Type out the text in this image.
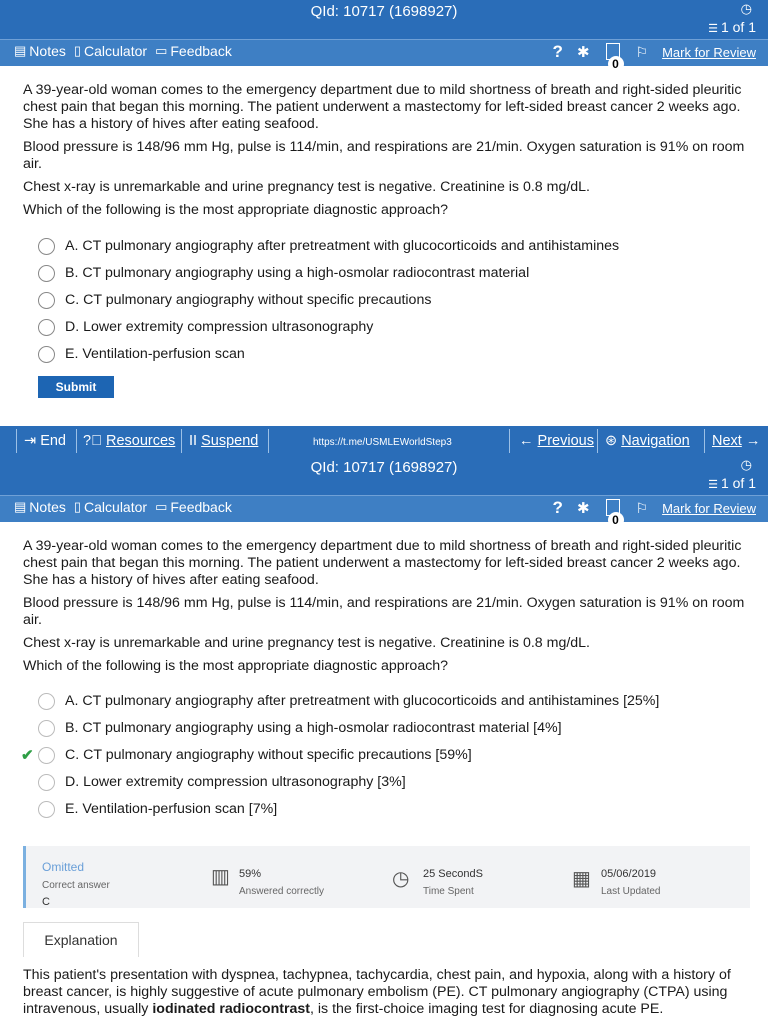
QId: 10717 (1698927)	◷
☰ 1 of 1
▤ Notes ▯ Calculator ▭ Feedback	? ✱
0
⚐ Mark for Review

A 39-year-old woman comes to the emergency department due to mild shortness of breath and right-sided pleuritic chest pain that began this morning. The patient underwent a mastectomy for left-sided breast cancer 2 weeks ago. She has a history of hives after eating seafood.

Blood pressure is 148/96 mm Hg, pulse is 114/min, and respirations are 21/min. Oxygen saturation is 91% on room air.

Chest x-ray is unremarkable and urine pregnancy test is negative. Creatinine is 0.8 mg/dL.

Which of the following is the most appropriate diagnostic approach?

A. CT pulmonary angiography after pretreatment with glucocorticoids and antihistamines
B. CT pulmonary angiography using a high-osmolar radiocontrast material
C. CT pulmonary angiography without specific precautions
D. Lower extremity compression ultrasonography
E. Ventilation-perfusion scan
Submit
⇥ End ?⃝ Resources II Suspend	https://t.me/USMLEWorldStep3	← Previous ⊛ Navigation Next →
QId: 10717 (1698927)	◷
☰ 1 of 1
▤ Notes ▯ Calculator ▭ Feedback	? ✱
0
⚐ Mark for Review

A 39-year-old woman comes to the emergency department due to mild shortness of breath and right-sided pleuritic chest pain that began this morning. The patient underwent a mastectomy for left-sided breast cancer 2 weeks ago. She has a history of hives after eating seafood.

Blood pressure is 148/96 mm Hg, pulse is 114/min, and respirations are 21/min. Oxygen saturation is 91% on room air.

Chest x-ray is unremarkable and urine pregnancy test is negative. Creatinine is 0.8 mg/dL.

Which of the following is the most appropriate diagnostic approach?

A. CT pulmonary angiography after pretreatment with glucocorticoids and antihistamines [25%]
B. CT pulmonary angiography using a high-osmolar radiocontrast material [4%]
✔ C. CT pulmonary angiography without specific precautions [59%]
D. Lower extremity compression ultrasonography [3%]
E. Ventilation-perfusion scan [7%]
Omitted
Correct answer
C
▥ 59%
Answered correctly
◷ 25 SecondS
Time Spent
▦ 05/06/2019
Last Updated
Explanation
This patient's presentation with dyspnea, tachypnea, tachycardia, chest pain, and hypoxia, along with a history of breast cancer, is highly suggestive of acute pulmonary embolism (PE). CT pulmonary angiography (CTPA) using intravenous, usually iodinated radiocontrast, is the first-choice imaging test for diagnosing acute PE.
